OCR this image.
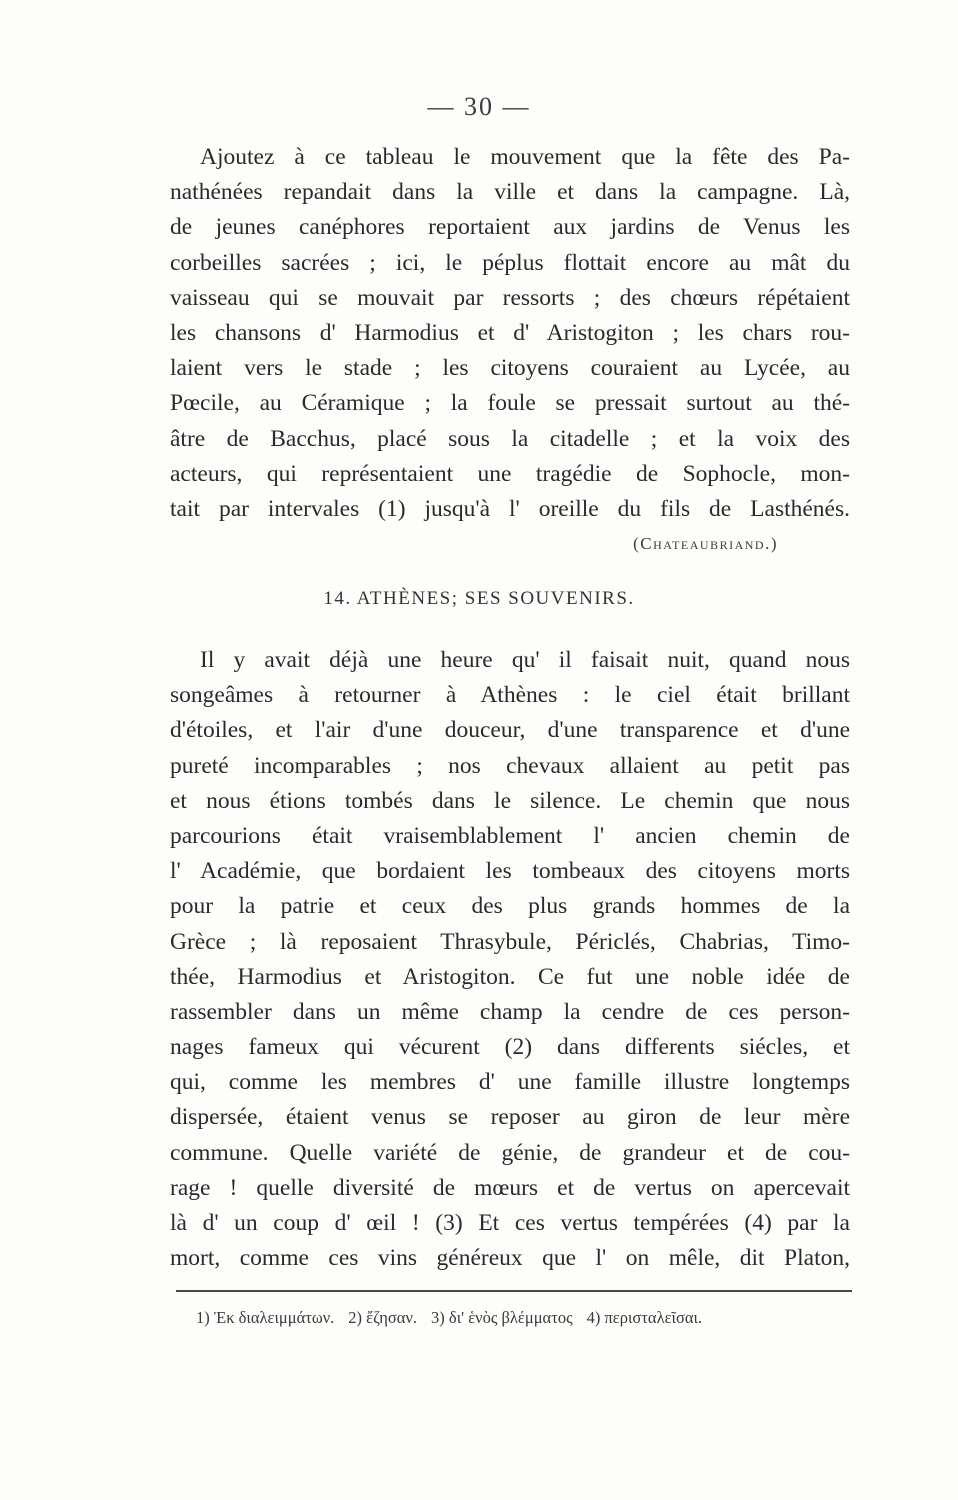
— 30 —
Ajoutez à ce tableau le mouvement que la fête des Pa-
nathénées repandait dans la ville et dans la campagne. Là,
de jeunes canéphores reportaient aux jardins de Venus les
corbeilles sacrées ; ici, le péplus flottait encore au mât du
vaisseau qui se mouvait par ressorts ; des chœurs répétaient
les chansons d' Harmodius et d' Aristogiton ; les chars rou-
laient vers le stade ; les citoyens couraient au Lycée, au
Pœcile, au Céramique ; la foule se pressait surtout au thé-
âtre de Bacchus, placé sous la citadelle ; et la voix des
acteurs, qui représentaient une tragédie de Sophocle, mon-
tait par intervales (1) jusqu'à l' oreille du fils de Lasthénés.
(Chateaubriand.)
14. ATHÈNES; SES SOUVENIRS.
Il y avait déjà une heure qu' il faisait nuit, quand nous
songeâmes à retourner à Athènes : le ciel était brillant
d'étoiles, et l'air d'une douceur, d'une transparence et d'une
pureté incomparables ; nos chevaux allaient au petit pas
et nous étions tombés dans le silence. Le chemin que nous
parcourions était vraisemblablement l' ancien chemin de
l' Académie, que bordaient les tombeaux des citoyens morts
pour la patrie et ceux des plus grands hommes de la
Grèce ; là reposaient Thrasybule, Périclés, Chabrias, Timo-
thée, Harmodius et Aristogiton. Ce fut une noble idée de
rassembler dans un même champ la cendre de ces person-
nages fameux qui vécurent (2) dans differents siécles, et
qui, comme les membres d' une famille illustre longtemps
dispersée, étaient venus se reposer au giron de leur mère
commune. Quelle variété de génie, de grandeur et de cou-
rage ! quelle diversité de mœurs et de vertus on apercevait
là d' un coup d' œil ! (3) Et ces vertus tempérées (4) par la
mort, comme ces vins généreux que l' on mêle, dit Platon,
1) Ἐκ διαλειμμάτων. 2) ἔζησαν. 3) δι' ἑνὸς βλέμματος 4) περισταλεῖσαι.
